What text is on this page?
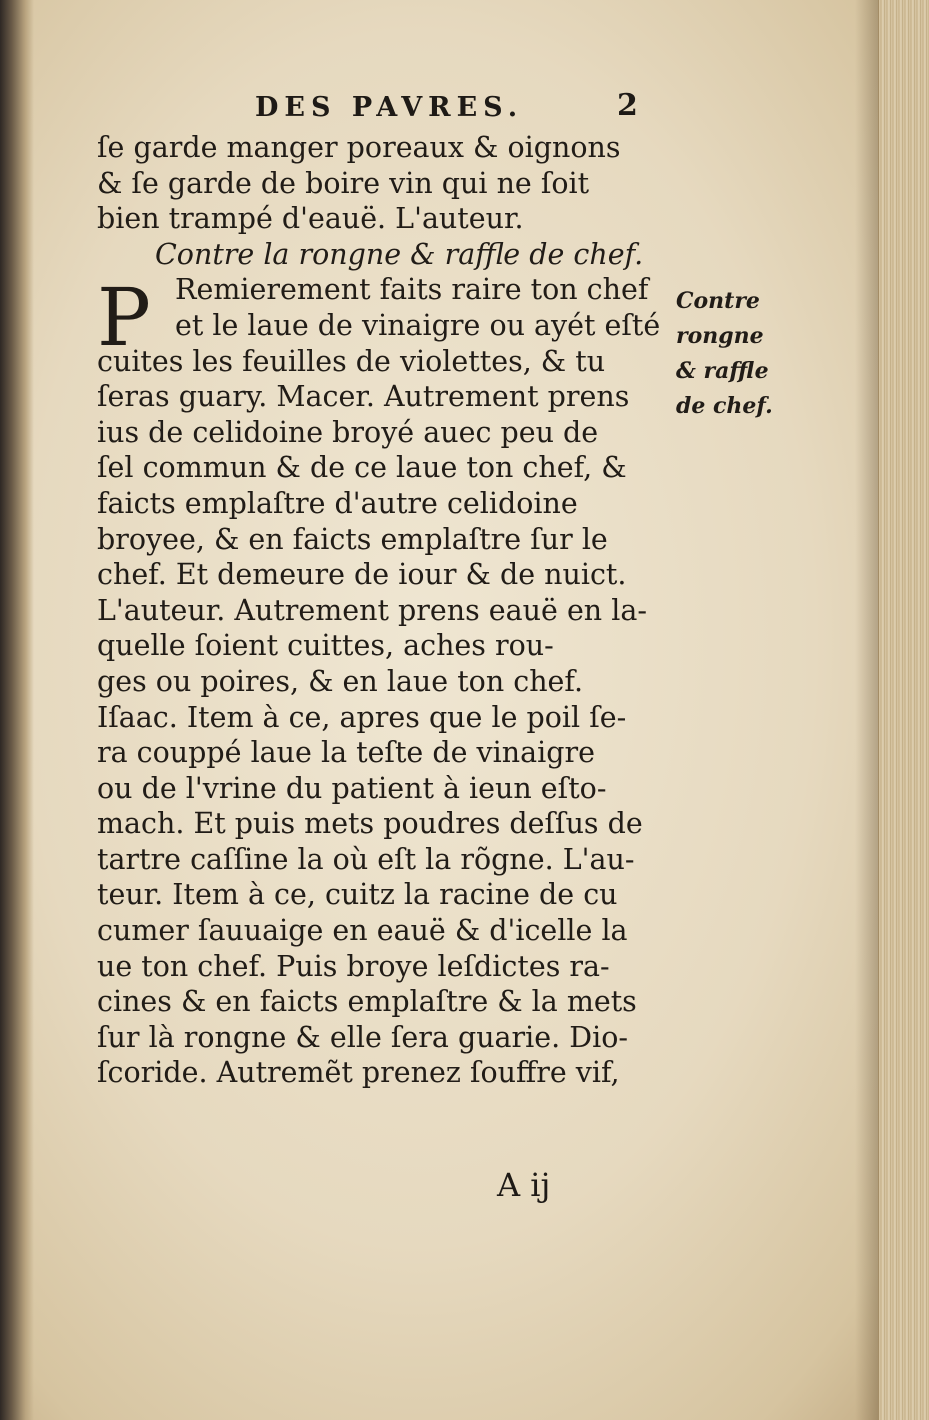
DES PAVRES.	2
ſe garde manger poreaux & oignons
& ſe garde de boire vin qui ne ſoit
bien trampé d'eauë. L'auteur.
Contre la rongne & raffle de chef.
P Remierement faits raire ton chef
et le laue de vinaigre ou ayét eſté
cuites les feuilles de violettes, & tu
ſeras guary. Macer. Autrement prens
ius de celidoine broyé auec peu de
ſel commun & de ce laue ton chef, &
faicts emplaſtre d'autre celidoine
broyee, & en faicts emplaſtre ſur le
chef. Et demeure de iour & de nuict.
L'auteur. Autrement prens eauë en la-
quelle ſoient cuittes, aches rou-
ges ou poires, & en laue ton chef.
Iſaac. Item à ce, apres que le poil ſe-
ra couppé laue la teſte de vinaigre
ou de l'vrine du patient à ieun eſto-
mach. Et puis mets poudres deſſus de
tartre caſſine la où eſt la rõgne. L'au-
teur. Item à ce, cuitz la racine de cu
cumer ſauuaige en eauë & d'icelle la
ue ton chef. Puis broye leſdictes ra-
cines & en faicts emplaſtre & la mets
ſur là rongne & elle ſera guarie. Dio-
ſcoride. Autremẽt prenez ſouffre vif,
Contre
rongne
& raffle
de chef.
A ij
